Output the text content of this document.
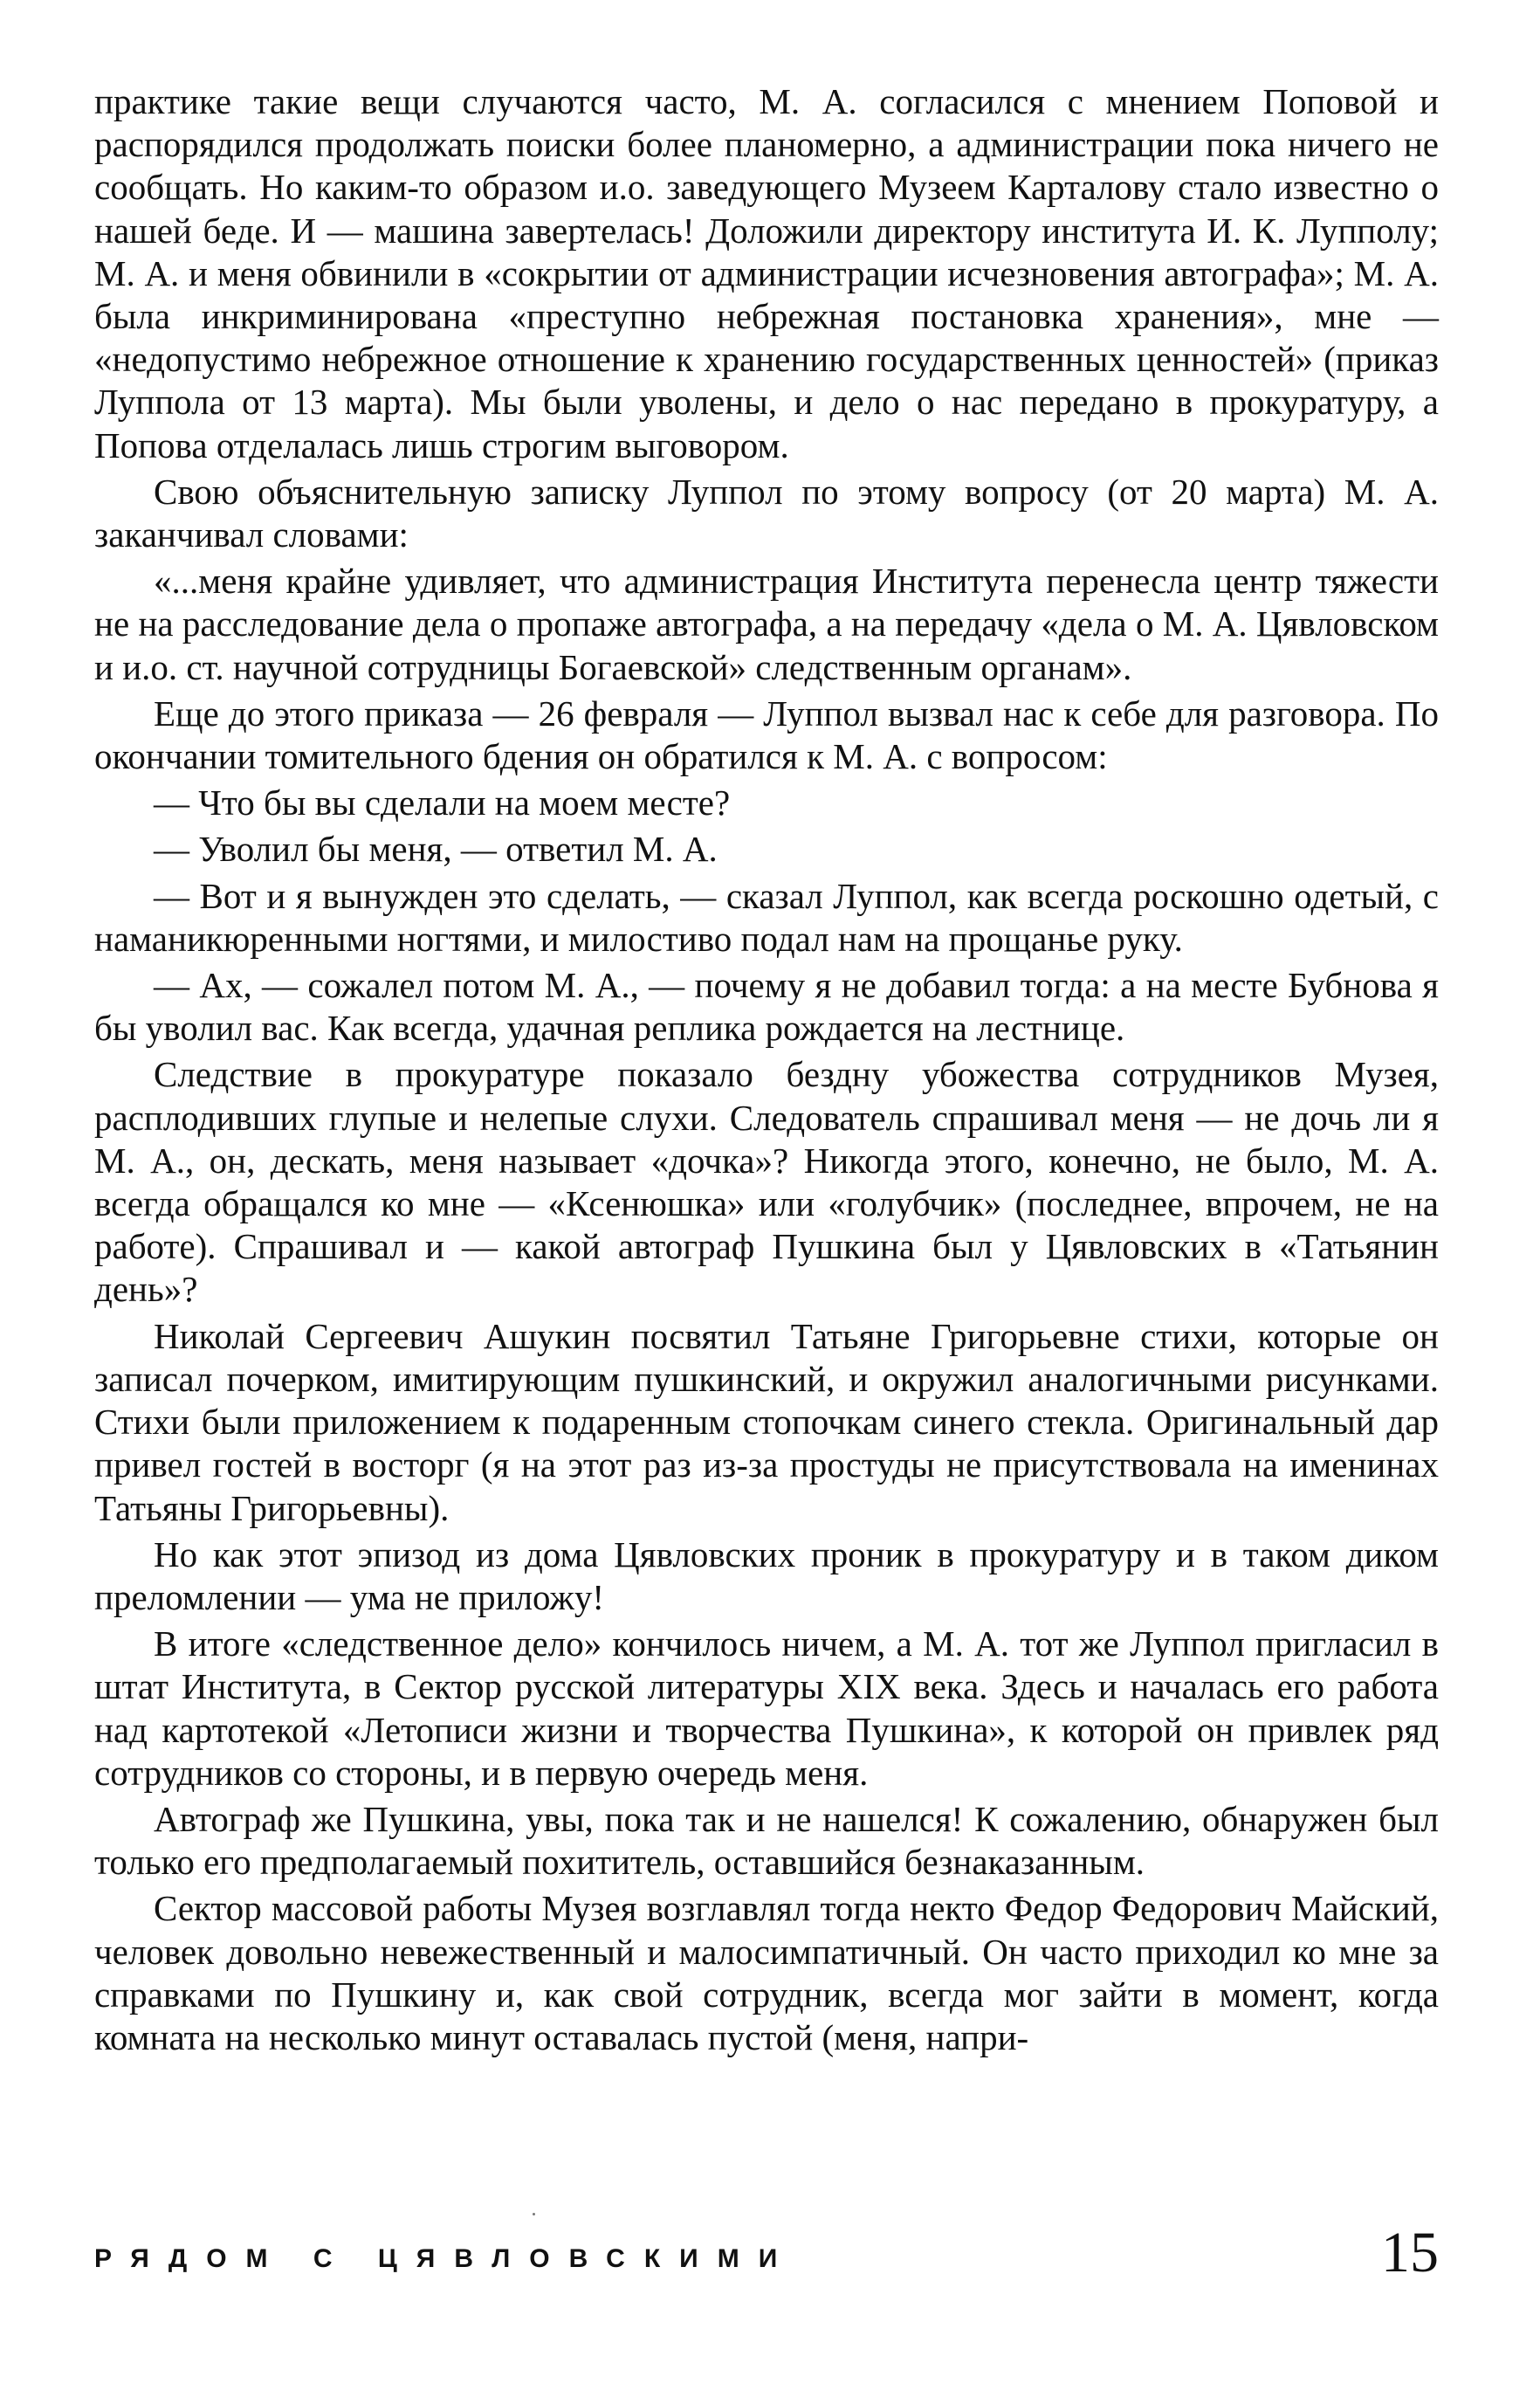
практике такие вещи случаются часто, М. А. согласился с мнением Поповой и распорядился продолжать поиски более планомерно, а администрации пока ничего не сообщать. Но каким-то образом и.о. заведующего Музеем Карталову стало известно о нашей беде. И — машина завертелась! Доложили директору института И. К. Лупполу; М. А. и меня обвинили в «сокрытии от администрации исчезновения автографа»; М. А. была инкриминирована «преступно небрежная постановка хранения», мне — «недопустимо небрежное отношение к хранению государственных ценностей» (приказ Луппола от 13 марта). Мы были уволены, и дело о нас передано в прокуратуру, а Попова отделалась лишь строгим выговором.

Свою объяснительную записку Луппол по этому вопросу (от 20 марта) М. А. заканчивал словами:

«...меня крайне удивляет, что администрация Института перенесла центр тяжести не на расследование дела о пропаже автографа, а на передачу «дела о М. А. Цявловском и и.о. ст. научной сотрудницы Богаевской» следственным органам».

Еще до этого приказа — 26 февраля — Луппол вызвал нас к себе для разговора. По окончании томительного бдения он обратился к М. А. с вопросом:

— Что бы вы сделали на моем месте?

— Уволил бы меня, — ответил М. А.

— Вот и я вынужден это сделать, — сказал Луппол, как всегда роскошно одетый, с наманикюренными ногтями, и милостиво подал нам на прощанье руку.

— Ах, — сожалел потом М. А., — почему я не добавил тогда: а на месте Бубнова я бы уволил вас. Как всегда, удачная реплика рождается на лестнице.

Следствие в прокуратуре показало бездну убожества сотрудников Музея, расплодивших глупые и нелепые слухи. Следователь спрашивал меня — не дочь ли я М. А., он, дескать, меня называет «дочка»? Никогда этого, конечно, не было, М. А. всегда обращался ко мне — «Ксенюшка» или «голубчик» (последнее, впрочем, не на работе). Спрашивал и — какой автограф Пушкина был у Цявловских в «Татьянин день»?

Николай Сергеевич Ашукин посвятил Татьяне Григорьевне стихи, которые он записал почерком, имитирующим пушкинский, и окружил аналогичными рисунками. Стихи были приложением к подаренным стопочкам синего стекла. Оригинальный дар привел гостей в восторг (я на этот раз из-за простуды не присутствовала на именинах Татьяны Григорьевны).

Но как этот эпизод из дома Цявловских проник в прокуратуру и в таком диком преломлении — ума не приложу!

В итоге «следственное дело» кончилось ничем, а М. А. тот же Луппол пригласил в штат Института, в Сектор русской литературы XIX века. Здесь и началась его работа над картотекой «Летописи жизни и творчества Пушкина», к которой он привлек ряд сотрудников со стороны, и в первую очередь меня.

Автограф же Пушкина, увы, пока так и не нашелся! К сожалению, обнаружен был только его предполагаемый похититель, оставшийся безнаказанным.

Сектор массовой работы Музея возглавлял тогда некто Федор Федорович Майский, человек довольно невежественный и малосимпатичный. Он часто приходил ко мне за справками по Пушкину и, как свой сотрудник, всегда мог зайти в момент, когда комната на несколько минут оставалась пустой (меня, напри-

РЯДОМ С ЦЯВЛОВСКИМИ	15
